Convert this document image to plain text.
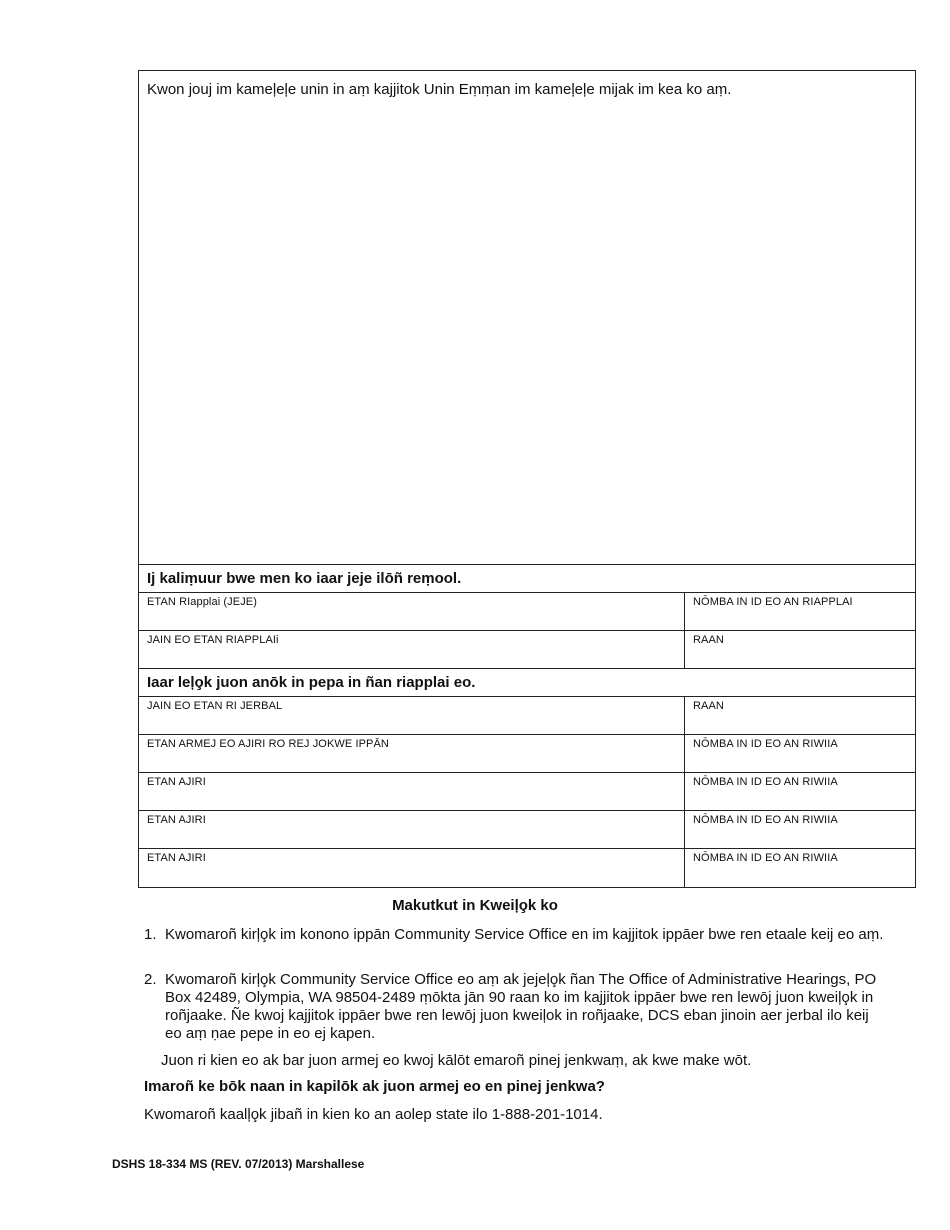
Kwon jouj im kameļeļe unin in aṃ kajjitok Unin Eṃṃan im kameļeļe mijak im kea ko aṃ.
Ij kaliṃuur bwe men ko iaar jeje ilōñ reṃool.
ETAN RIapplai (JEJE)	NŌMBA IN ID EO AN RIAPPLAI
JAIN EO ETAN RIAPPLAIi	RAAN
Iaar leļo̧k juon anōk in pepa in ñan riapplai eo.
JAIN EO ETAN RI JERBAL	RAAN
ETAN ARMEJ EO AJIRI RO REJ JOKWE IPPĀN	NŌMBA IN ID EO AN RIWIIA
ETAN AJIRI	NŌMBA IN ID EO AN RIWIIA
ETAN AJIRI	NŌMBA IN ID EO AN RIWIIA
ETAN AJIRI	NŌMBA IN ID EO AN RIWIIA
Makutkut in Kweiļo̧k ko
1. Kwomaroñ kirļo̧k im konono ippān Community Service Office en im kajjitok ippāer bwe ren etaale keij eo aṃ.
2. Kwomaroñ kirļo̧k Community Service Office eo aṃ ak jejeļo̧k ñan The Office of Administrative Hearings, PO Box 42489, Olympia, WA 98504-2489 ṃōkta jān 90 raan ko im kajjitok ippāer bwe ren lewōj juon kweiļo̧k in roñjaake. Ñe kwoj kajjitok ippāer bwe ren lewōj juon kweiļok in roñjaake, DCS eban jinoin aer jerbal ilo keij eo aṃ ṇae pepe in eo ej kapen.
Juon ri kien eo ak bar juon armej eo kwoj kālōt emaroñ pinej jenkwaṃ, ak kwe make wōt.
Imaroñ ke bōk naan in kapilōk ak juon armej eo en pinej jenkwa?
Kwomaroñ kaalļo̧k jibañ in kien ko an aolep state ilo 1-888-201-1014.
DSHS 18-334 MS (REV. 07/2013) Marshallese
